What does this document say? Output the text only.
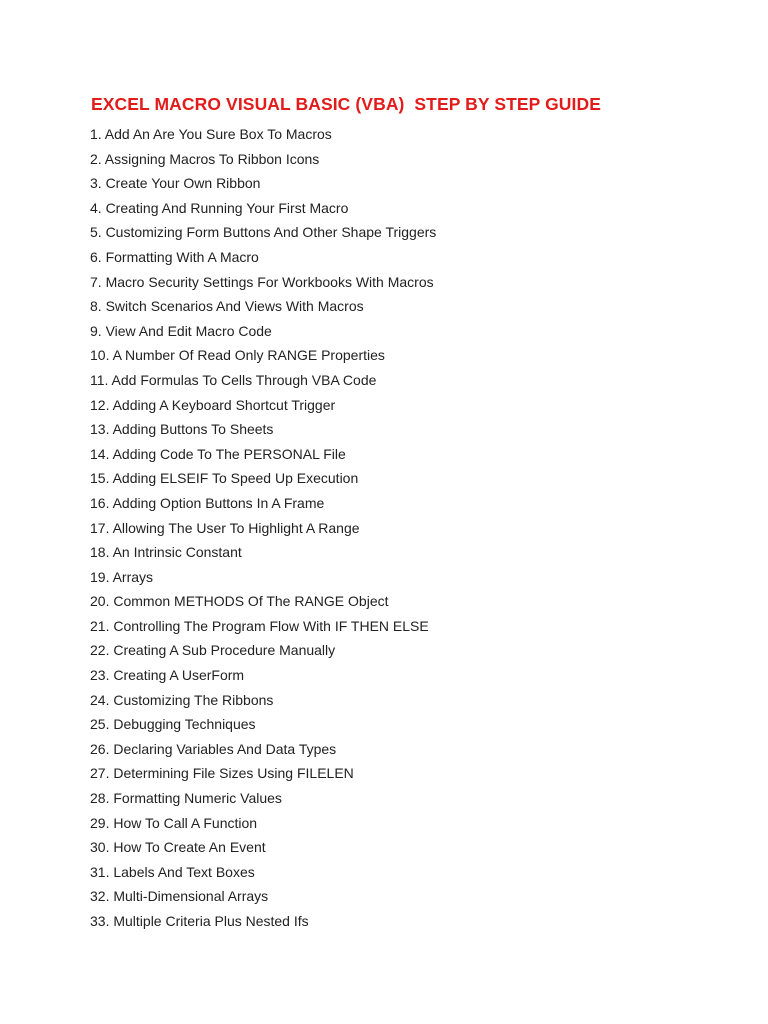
EXCEL MACRO VISUAL BASIC (VBA)  STEP BY STEP GUIDE
1. Add An Are You Sure Box To Macros
2. Assigning Macros To Ribbon Icons
3. Create Your Own Ribbon
4. Creating And Running Your First Macro
5. Customizing Form Buttons And Other Shape Triggers
6. Formatting With A Macro
7. Macro Security Settings For Workbooks With Macros
8. Switch Scenarios And Views With Macros
9. View And Edit Macro Code
10. A Number Of Read Only RANGE Properties
11. Add Formulas To Cells Through VBA Code
12. Adding A Keyboard Shortcut Trigger
13. Adding Buttons To Sheets
14. Adding Code To The PERSONAL File
15. Adding ELSEIF To Speed Up Execution
16. Adding Option Buttons In A Frame
17. Allowing The User To Highlight A Range
18. An Intrinsic Constant
19. Arrays
20. Common METHODS Of The RANGE Object
21. Controlling The Program Flow With IF THEN ELSE
22. Creating A Sub Procedure Manually
23. Creating A UserForm
24. Customizing The Ribbons
25. Debugging Techniques
26. Declaring Variables And Data Types
27. Determining File Sizes Using FILELEN
28. Formatting Numeric Values
29. How To Call A Function
30. How To Create An Event
31. Labels And Text Boxes
32. Multi-Dimensional Arrays
33. Multiple Criteria Plus Nested Ifs
